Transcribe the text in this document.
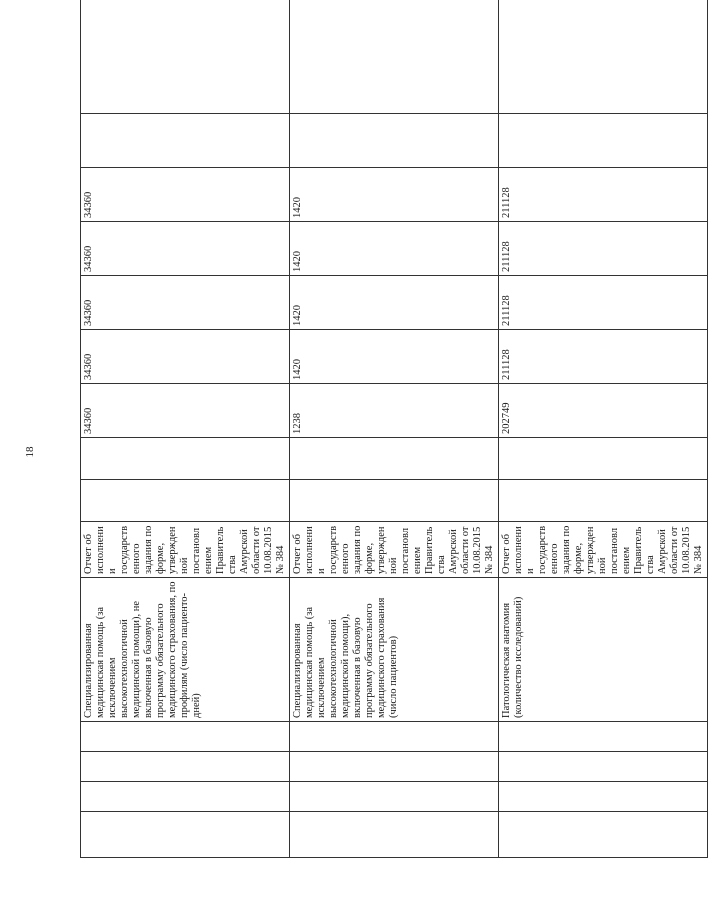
18
				Специализированная медицинская помощь (за исключением высокотехнологичной медицинской помощи), не включенная в базовую программу обязательного медицинского страхования, по профилям (число пациенто-дней)	Отчет об исполнении государственного задания по форме, утвержденной постановлением Правительства Амурской области от 10.08.2015 № 384			34360	34360	34360	34360	34360		
				Специализированная медицинская помощь (за исключением высокотехнологичной медицинской помощи), включенная в базовую программу обязательного медицинского страхования (число пациентов)	Отчет об исполнении государственного задания по форме, утвержденной постановлением Правительства Амурской области от 10.08.2015 № 384			1238	1420	1420	1420	1420		
				Патологическая анатомия (количество исследований)	Отчет об исполнении государственного задания по форме, утвержденной постановлением Правительства Амурской области от 10.08.2015 № 384			202749	211128	211128	211128	211128		
